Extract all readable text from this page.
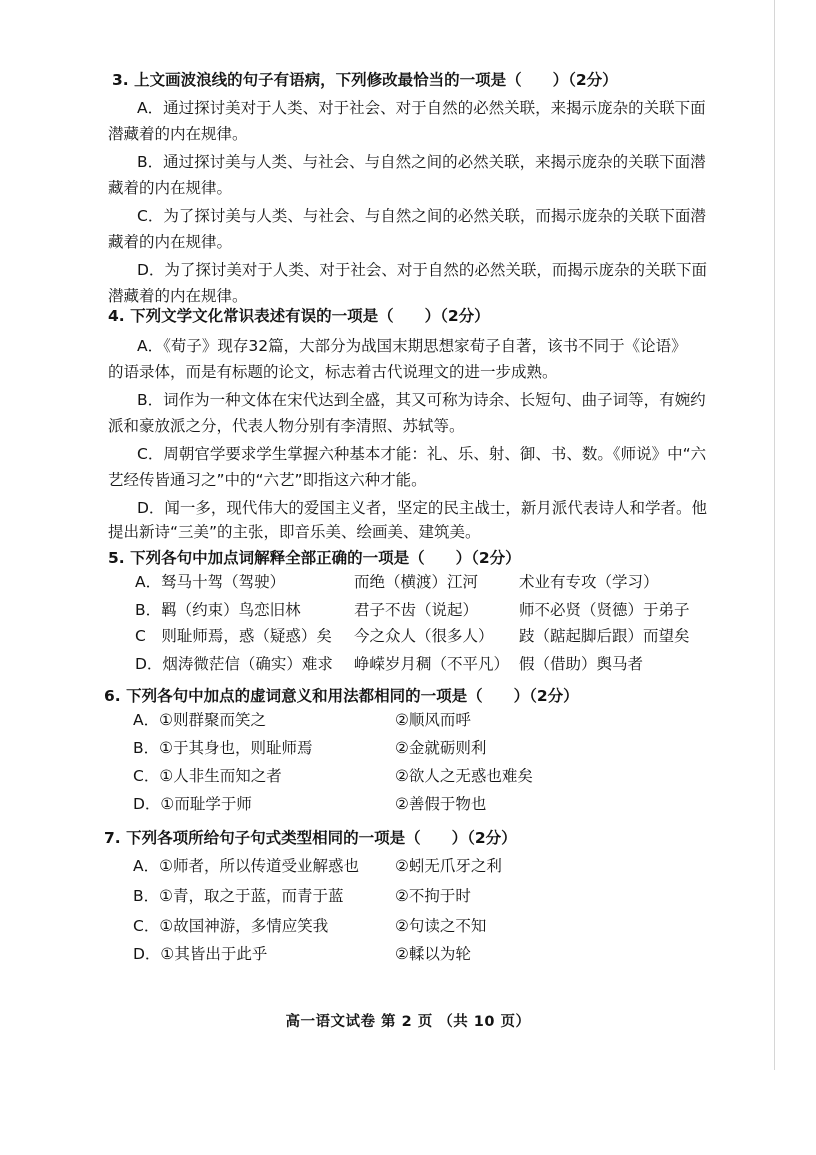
3. 上文画波浪线的句子有语病，下列修改最恰当的一项是（　　）（2分）
A．通过探讨美对于人类、对于社会、对于自然的必然关联，来揭示庞杂的关联下面
潜藏着的内在规律。
B．通过探讨美与人类、与社会、与自然之间的必然关联，来揭示庞杂的关联下面潜
藏着的内在规律。
C．为了探讨美与人类、与社会、与自然之间的必然关联，而揭示庞杂的关联下面潜
藏着的内在规律。
D．为了探讨美对于人类、对于社会、对于自然的必然关联，而揭示庞杂的关联下面
潜藏着的内在规律。
4. 下列文学文化常识表述有误的一项是（　　）（2分）
A．《荀子》现存32篇，大部分为战国末期思想家荀子自著，该书不同于《论语》
的语录体，而是有标题的论文，标志着古代说理文的进一步成熟。
B．词作为一种文体在宋代达到全盛，其又可称为诗余、长短句、曲子词等，有婉约
派和豪放派之分，代表人物分别有李清照、苏轼等。
C．周朝官学要求学生掌握六种基本才能：礼、乐、射、御、书、数。《师说》中“六
艺经传皆通习之”中的“六艺”即指这六种才能。
D．闻一多，现代伟大的爱国主义者，坚定的民主战士，新月派代表诗人和学者。他
提出新诗“三美”的主张，即音乐美、绘画美、建筑美。
5. 下列各句中加点词解释全部正确的一项是（　　）（2分）
A．驽马十驾（驾驶）	而绝（横渡）江河	术业有专攻（学习）
B．羁（约束）鸟恋旧林	君子不齿（说起）	师不必贤（贤德）于弟子
C　则耻师焉，惑（疑惑）矣 今之众人（很多人） 跂（踮起脚后跟）而望矣
D．烟涛微茫信（确实）难求 峥嵘岁月稠（不平凡） 假（借助）舆马者
6. 下列各句中加点的虚词意义和用法都相同的一项是（　　）（2分）
A．①则群聚而笑之	②顺风而呼
B．①于其身也，则耻师焉	②金就砺则利
C．①人非生而知之者	②欲人之无惑也难矣
D．①而耻学于师	②善假于物也
7. 下列各项所给句子句式类型相同的一项是（　　）（2分）
A．①师者，所以传道受业解惑也 ②蚓无爪牙之利
B．①青，取之于蓝，而青于蓝	②不拘于时
C．①故国神游，多情应笑我	②句读之不知
D．①其皆出于此乎	②輮以为轮
高一语文试卷 第 2 页 （共 10 页）
